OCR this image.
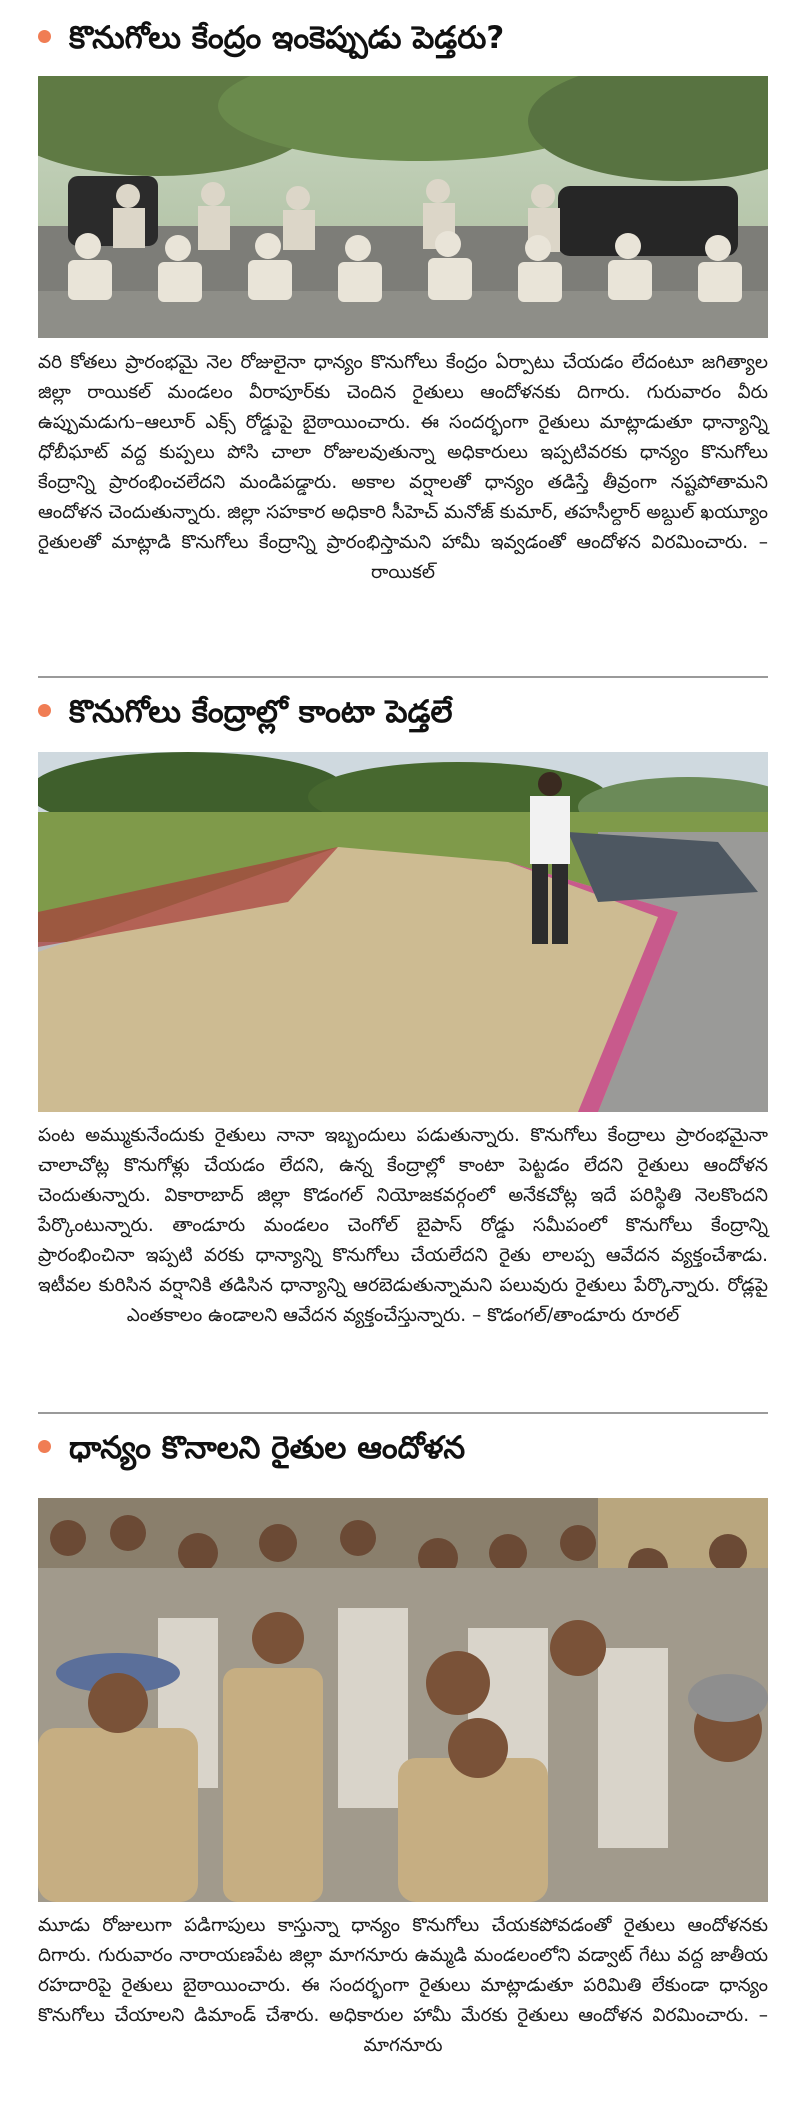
కొనుగోలు కేంద్రం ఇంకెప్పుడు పెడ్తరు?
వరి కోతలు ప్రారంభమై నెల రోజులైనా ధాన్యం కొనుగోలు కేంద్రం ఏర్పాటు చేయడం లేదంటూ జగిత్యాల జిల్లా రాయికల్ మండలం వీరాపూర్‌కు చెందిన రైతులు ఆందోళనకు దిగారు. గురువారం వీరు ఉప్పుమడుగు–ఆలూర్ ఎక్స్ రోడ్డుపై బైఠాయించారు. ఈ సందర్భంగా రైతులు మాట్లాడుతూ ధాన్యాన్ని ధోబీఘాట్ వద్ద కుప్పలు పోసి చాలా రోజులవుతున్నా అధికారులు ఇప్పటివరకు ధాన్యం కొనుగోలు కేంద్రాన్ని ప్రారంభించలేదని మండిపడ్డారు. అకాల వర్షాలతో ధాన్యం తడిస్తే తీవ్రంగా నష్టపోతామని ఆందోళన చెందుతున్నారు. జిల్లా సహకార అధికారి సీహెచ్ మనోజ్ కుమార్, తహసీల్దార్ అబ్దుల్ ఖయ్యూం రైతులతో మాట్లాడి కొనుగోలు కేంద్రాన్ని ప్రారంభిస్తామని హామీ ఇవ్వడంతో ఆందోళన విరమించారు. – రాయికల్
కొనుగోలు కేంద్రాల్లో కాంటా పెడ్తలే
పంట అమ్ముకునేందుకు రైతులు నానా ఇబ్బందులు పడుతున్నారు. కొనుగోలు కేంద్రాలు ప్రారంభమైనా చాలాచోట్ల కొనుగోళ్లు చేయడం లేదని, ఉన్న కేంద్రాల్లో కాంటా పెట్టడం లేదని రైతులు ఆందోళన చెందుతున్నారు. వికారాబాద్ జిల్లా కొడంగల్ నియోజకవర్గంలో అనేకచోట్ల ఇదే పరిస్థితి నెలకొందని పేర్కొంటున్నారు. తాండూరు మండలం చెంగోల్ బైపాస్ రోడ్డు సమీపంలో కొనుగోలు కేంద్రాన్ని ప్రారంభించినా ఇప్పటి వరకు ధాన్యాన్ని కొనుగోలు చేయలేదని రైతు లాలప్ప ఆవేదన వ్యక్తంచేశాడు. ఇటీవల కురిసిన వర్షానికి తడిసిన ధాన్యాన్ని ఆరబెడుతున్నామని పలువురు రైతులు పేర్కొన్నారు. రోడ్లపై ఎంతకాలం ఉండాలని ఆవేదన వ్యక్తంచేస్తున్నారు. – కొడంగల్/తాండూరు రూరల్
ధాన్యం కొనాలని రైతుల ఆందోళన
మూడు రోజులుగా పడిగాపులు కాస్తున్నా ధాన్యం కొనుగోలు చేయకపోవడంతో రైతులు ఆందోళనకు దిగారు. గురువారం నారాయణపేట జిల్లా మాగనూరు ఉమ్మడి మండలంలోని వడ్వాట్ గేటు వద్ద జాతీయ రహదారిపై రైతులు బైఠాయించారు. ఈ సందర్భంగా రైతులు మాట్లాడుతూ పరిమితి లేకుండా ధాన్యం కొనుగోలు చేయాలని డిమాండ్ చేశారు. అధికారుల హామీ మేరకు రైతులు ఆందోళన విరమించారు. – మాగనూరు
